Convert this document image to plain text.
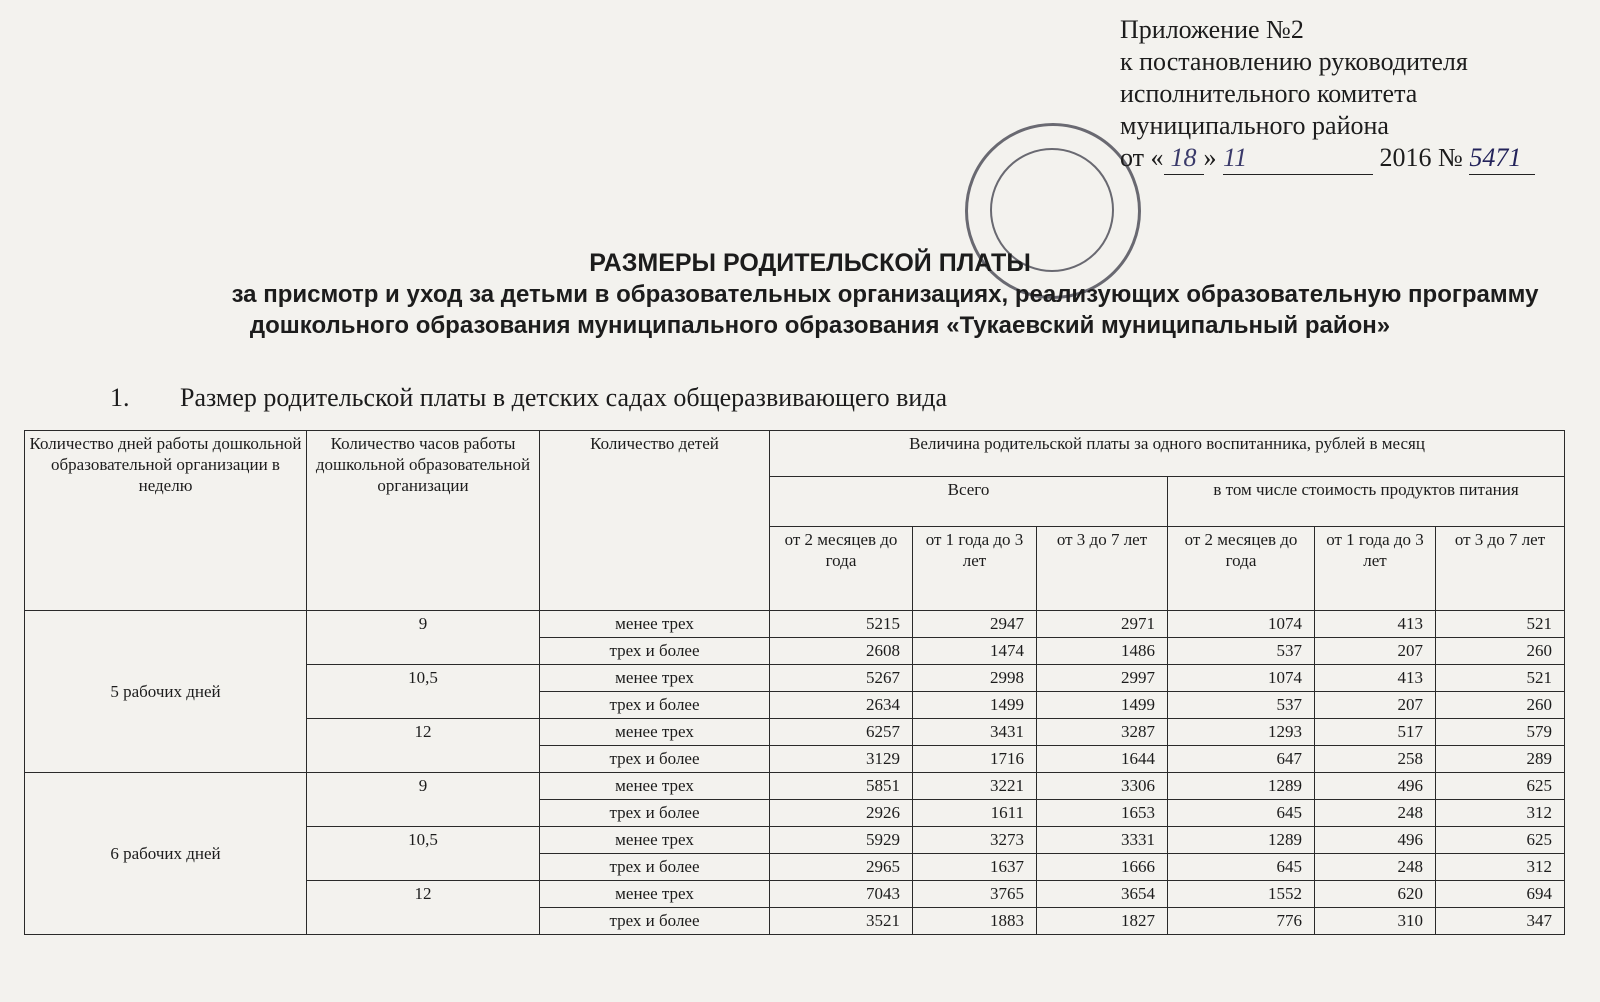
Приложение №2
к постановлению руководителя
исполнительного комитета
муниципального района
от « 18 » 11	2016 № 5471
РАЗМЕРЫ РОДИТЕЛЬСКОЙ ПЛАТЫ
за присмотр и уход за детьми в образовательных организациях, реализующих образовательную программу
дошкольного образования муниципального образования «Тукаевский муниципальный район»
1. Размер родительской платы в детских садах общеразвивающего вида
Количество дней работы дошкольной образовательной организации в неделю	Количество часов работы дошкольной образовательной организации	Количество детей	Величина родительской платы за одного воспитанника, рублей в месяц					
			Всего			в том числе стоимость продуктов питания		
			от 2 месяцев до года	от 1 года до 3 лет	от 3 до 7 лет	от 2 месяцев до года	от 1 года до 3 лет	от 3 до 7 лет
5 рабочих дней	9	менее трех	5215	2947	2971	1074	413	521
		трех и более	2608	1474	1486	537	207	260
	10,5	менее трех	5267	2998	2997	1074	413	521
		трех и более	2634	1499	1499	537	207	260
	12	менее трех	6257	3431	3287	1293	517	579
		трех и более	3129	1716	1644	647	258	289
6 рабочих дней	9	менее трех	5851	3221	3306	1289	496	625
		трех и более	2926	1611	1653	645	248	312
	10,5	менее трех	5929	3273	3331	1289	496	625
		трех и более	2965	1637	1666	645	248	312
	12	менее трех	7043	3765	3654	1552	620	694
		трех и более	3521	1883	1827	776	310	347
